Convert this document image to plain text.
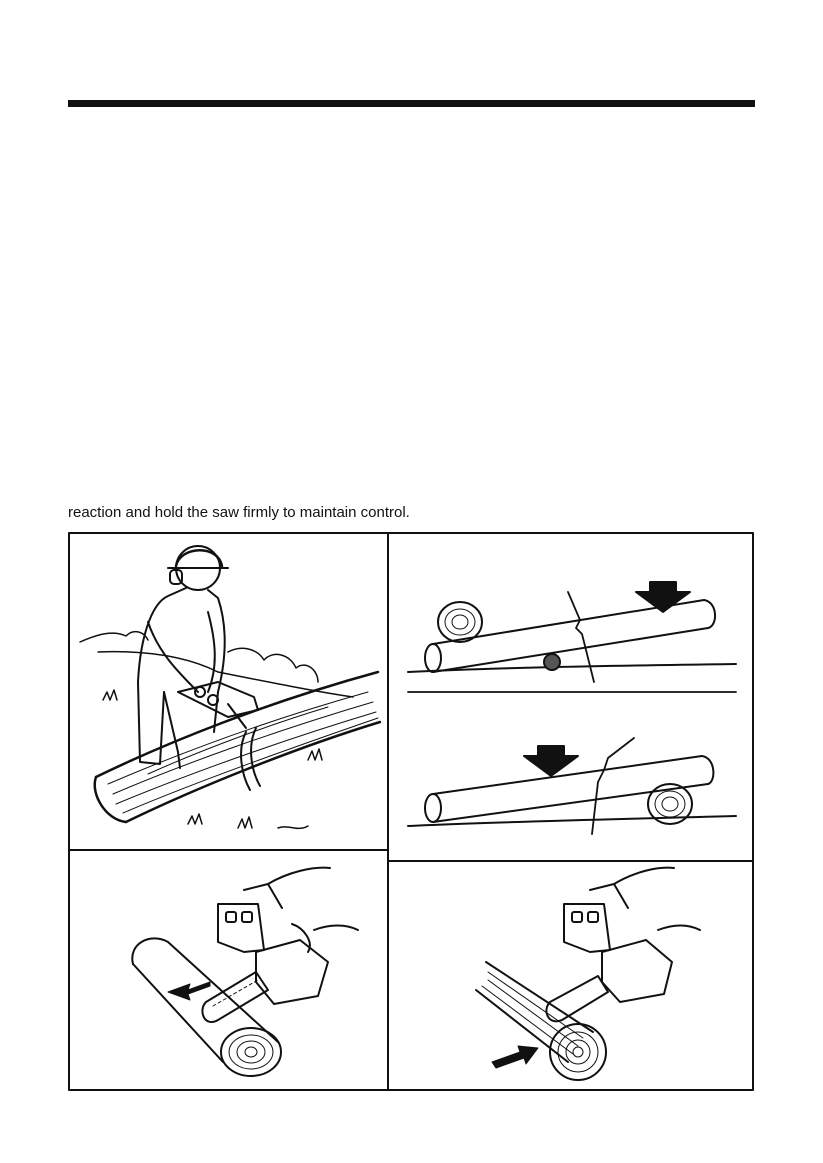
reaction and hold the saw firmly to maintain control.
